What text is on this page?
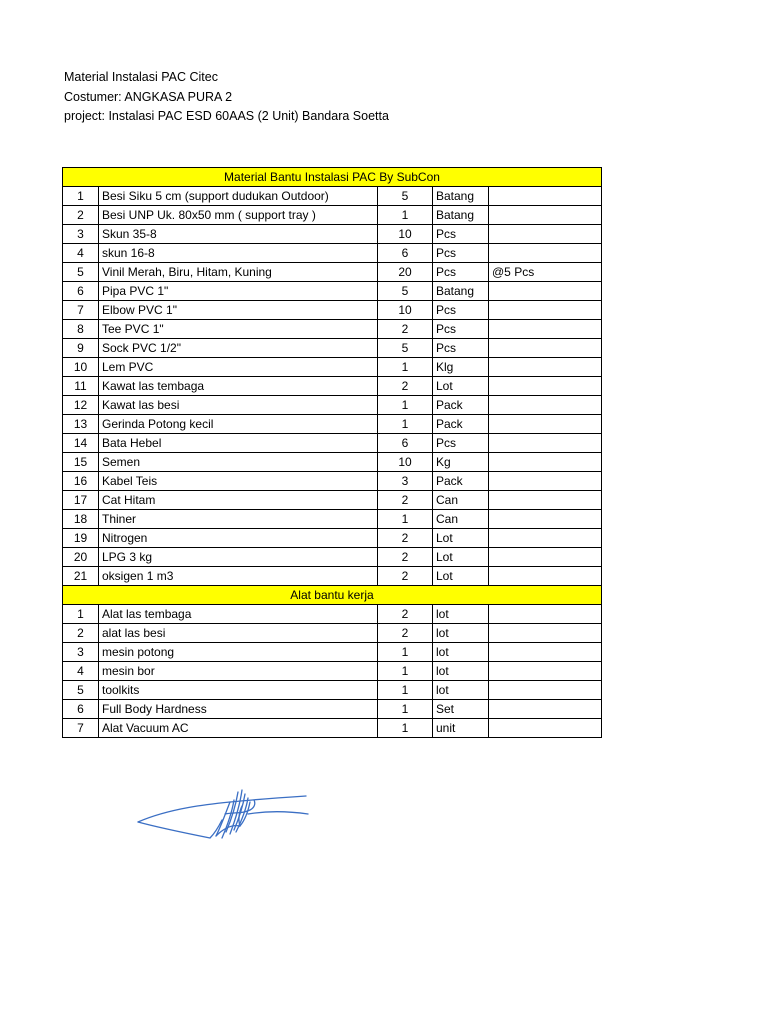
Material Instalasi PAC Citec
Costumer: ANGKASA PURA 2
project: Instalasi PAC ESD 60AAS (2 Unit) Bandara Soetta
Material Bantu Instalasi PAC By SubCon				
1	Besi Siku 5 cm (support dudukan Outdoor)	5	Batang	
2	Besi UNP Uk. 80x50 mm ( support tray )	1	Batang	
3	Skun 35-8	10	Pcs	
4	skun 16-8	6	Pcs	
5	Vinil Merah, Biru, Hitam, Kuning	20	Pcs	@5 Pcs
6	Pipa PVC 1"	5	Batang	
7	Elbow PVC 1"	10	Pcs	
8	Tee PVC 1"	2	Pcs	
9	Sock PVC 1/2"	5	Pcs	
10	Lem PVC	1	Klg	
11	Kawat las tembaga	2	Lot	
12	Kawat las besi	1	Pack	
13	Gerinda Potong kecil	1	Pack	
14	Bata Hebel	6	Pcs	
15	Semen	10	Kg	
16	Kabel Teis	3	Pack	
17	Cat Hitam	2	Can	
18	Thiner	1	Can	
19	Nitrogen	2	Lot	
20	LPG 3 kg	2	Lot	
21	oksigen 1 m3	2	Lot	
Alat bantu kerja				
1	Alat las tembaga	2	lot	
2	alat las besi	2	lot	
3	mesin potong	1	lot	
4	mesin bor	1	lot	
5	toolkits	1	lot	
6	Full Body Hardness	1	Set	
7	Alat Vacuum AC	1	unit	
